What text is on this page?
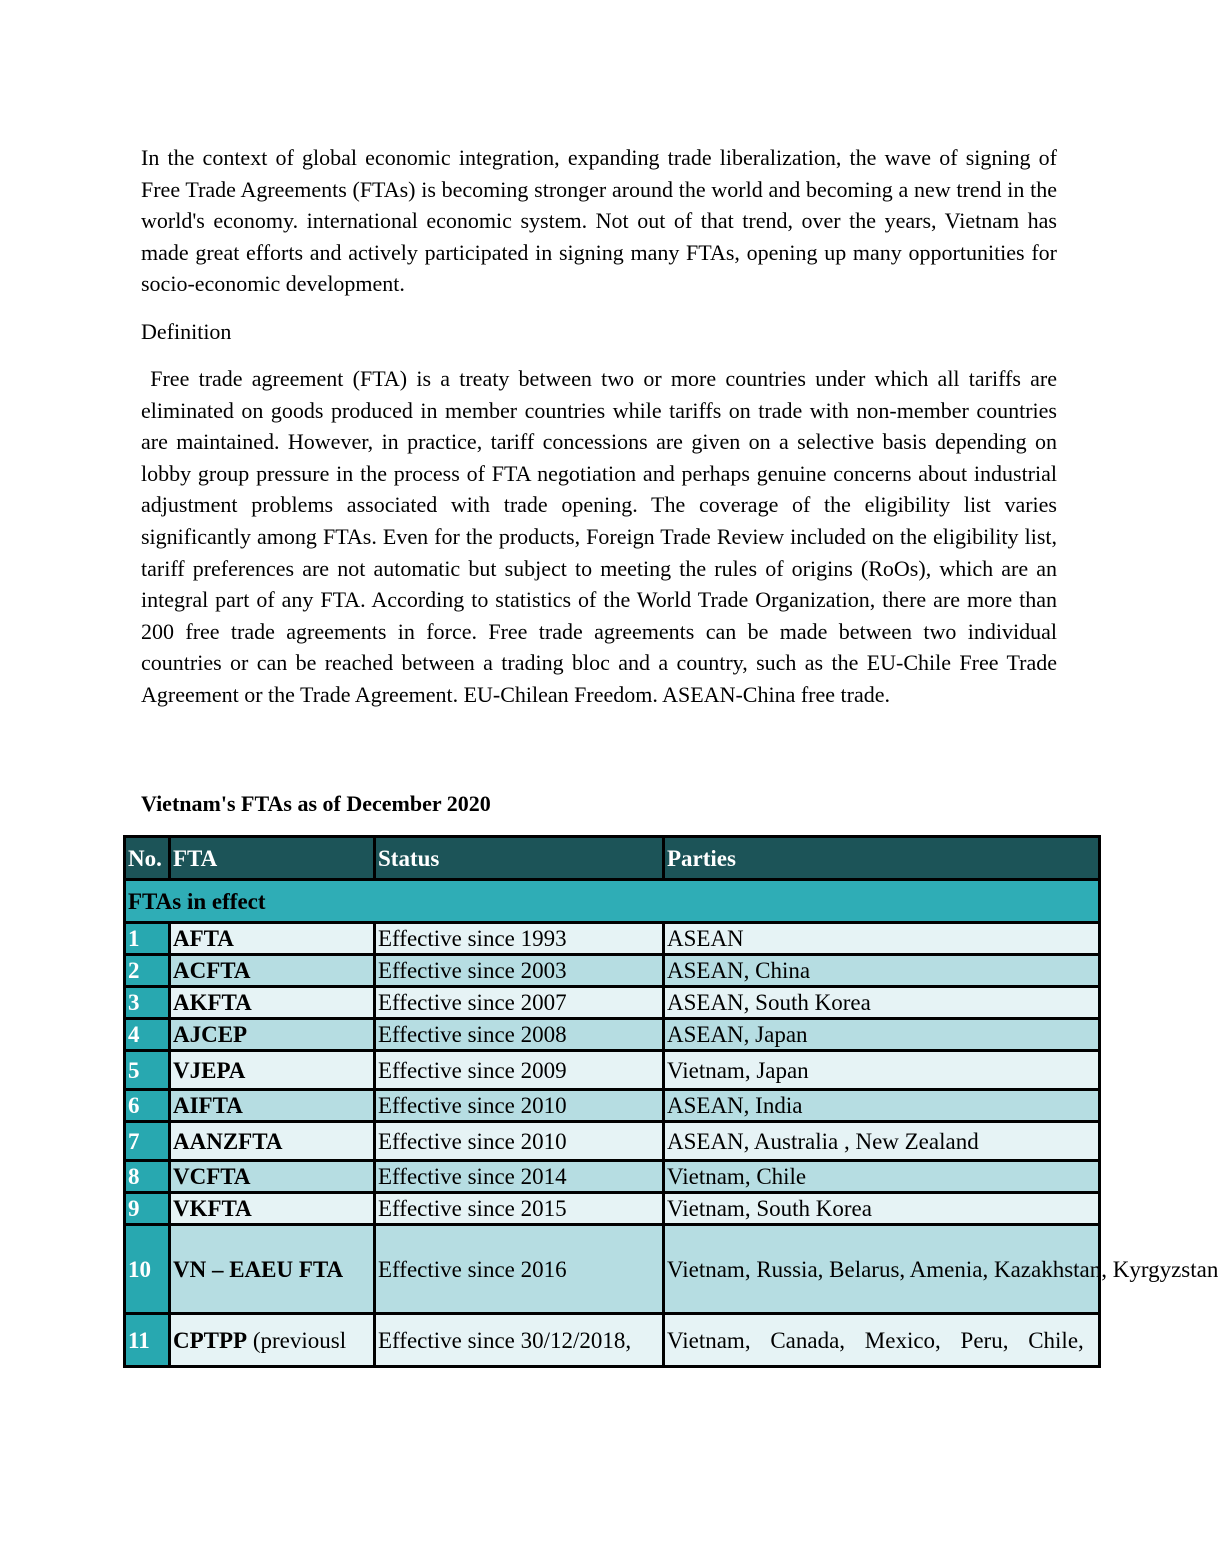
In the context of global economic integration, expanding trade liberalization, the wave of signing of Free Trade Agreements (FTAs) is becoming stronger around the world and becoming a new trend in the world's economy. international economic system. Not out of that trend, over the years, Vietnam has made great efforts and actively participated in signing many FTAs, opening up many opportunities for socio-economic development.

Definition

Free trade agreement (FTA) is a treaty between two or more countries under which all tariffs are eliminated on goods produced in member countries while tariffs on trade with non-member countries are maintained. However, in practice, tariff concessions are given on a selective basis depending on lobby group pressure in the process of FTA negotiation and perhaps genuine concerns about industrial adjustment problems associated with trade opening. The coverage of the eligibility list varies significantly among FTAs. Even for the products, Foreign Trade Review included on the eligibility list, tariff preferences are not automatic but subject to meeting the rules of origins (RoOs), which are an integral part of any FTA. According to statistics of the World Trade Organization, there are more than 200 free trade agreements in force. Free trade agreements can be made between two individual countries or can be reached between a trading bloc and a country, such as the EU-Chile Free Trade Agreement or the Trade Agreement. EU-Chilean Freedom. ASEAN-China free trade.

Vietnam's FTAs as of December 2020

No.	FTA	Status	Parties
FTAs in effect			
1	AFTA	Effective since 1993	ASEAN
2	ACFTA	Effective since 2003	ASEAN, China
3	AKFTA	Effective since 2007	ASEAN, South Korea
4	AJCEP	Effective since 2008	ASEAN, Japan
5	VJEPA	Effective since 2009	Vietnam, Japan
6	AIFTA	Effective since 2010	ASEAN, India
7	AANZFTA	Effective since 2010	ASEAN, Australia , New Zealand
8	VCFTA	Effective since 2014	Vietnam, Chile
9	VKFTA	Effective since 2015	Vietnam, South Korea
10	VN – EAEU FTA	Effective since 2016	Vietnam, Russia, Belarus, Amenia, Kazakhstan, Kyrgyzstan
11	CPTPP (previousl	Effective since 30/12/2018,	Vietnam, Canada, Mexico, Peru, Chile,
